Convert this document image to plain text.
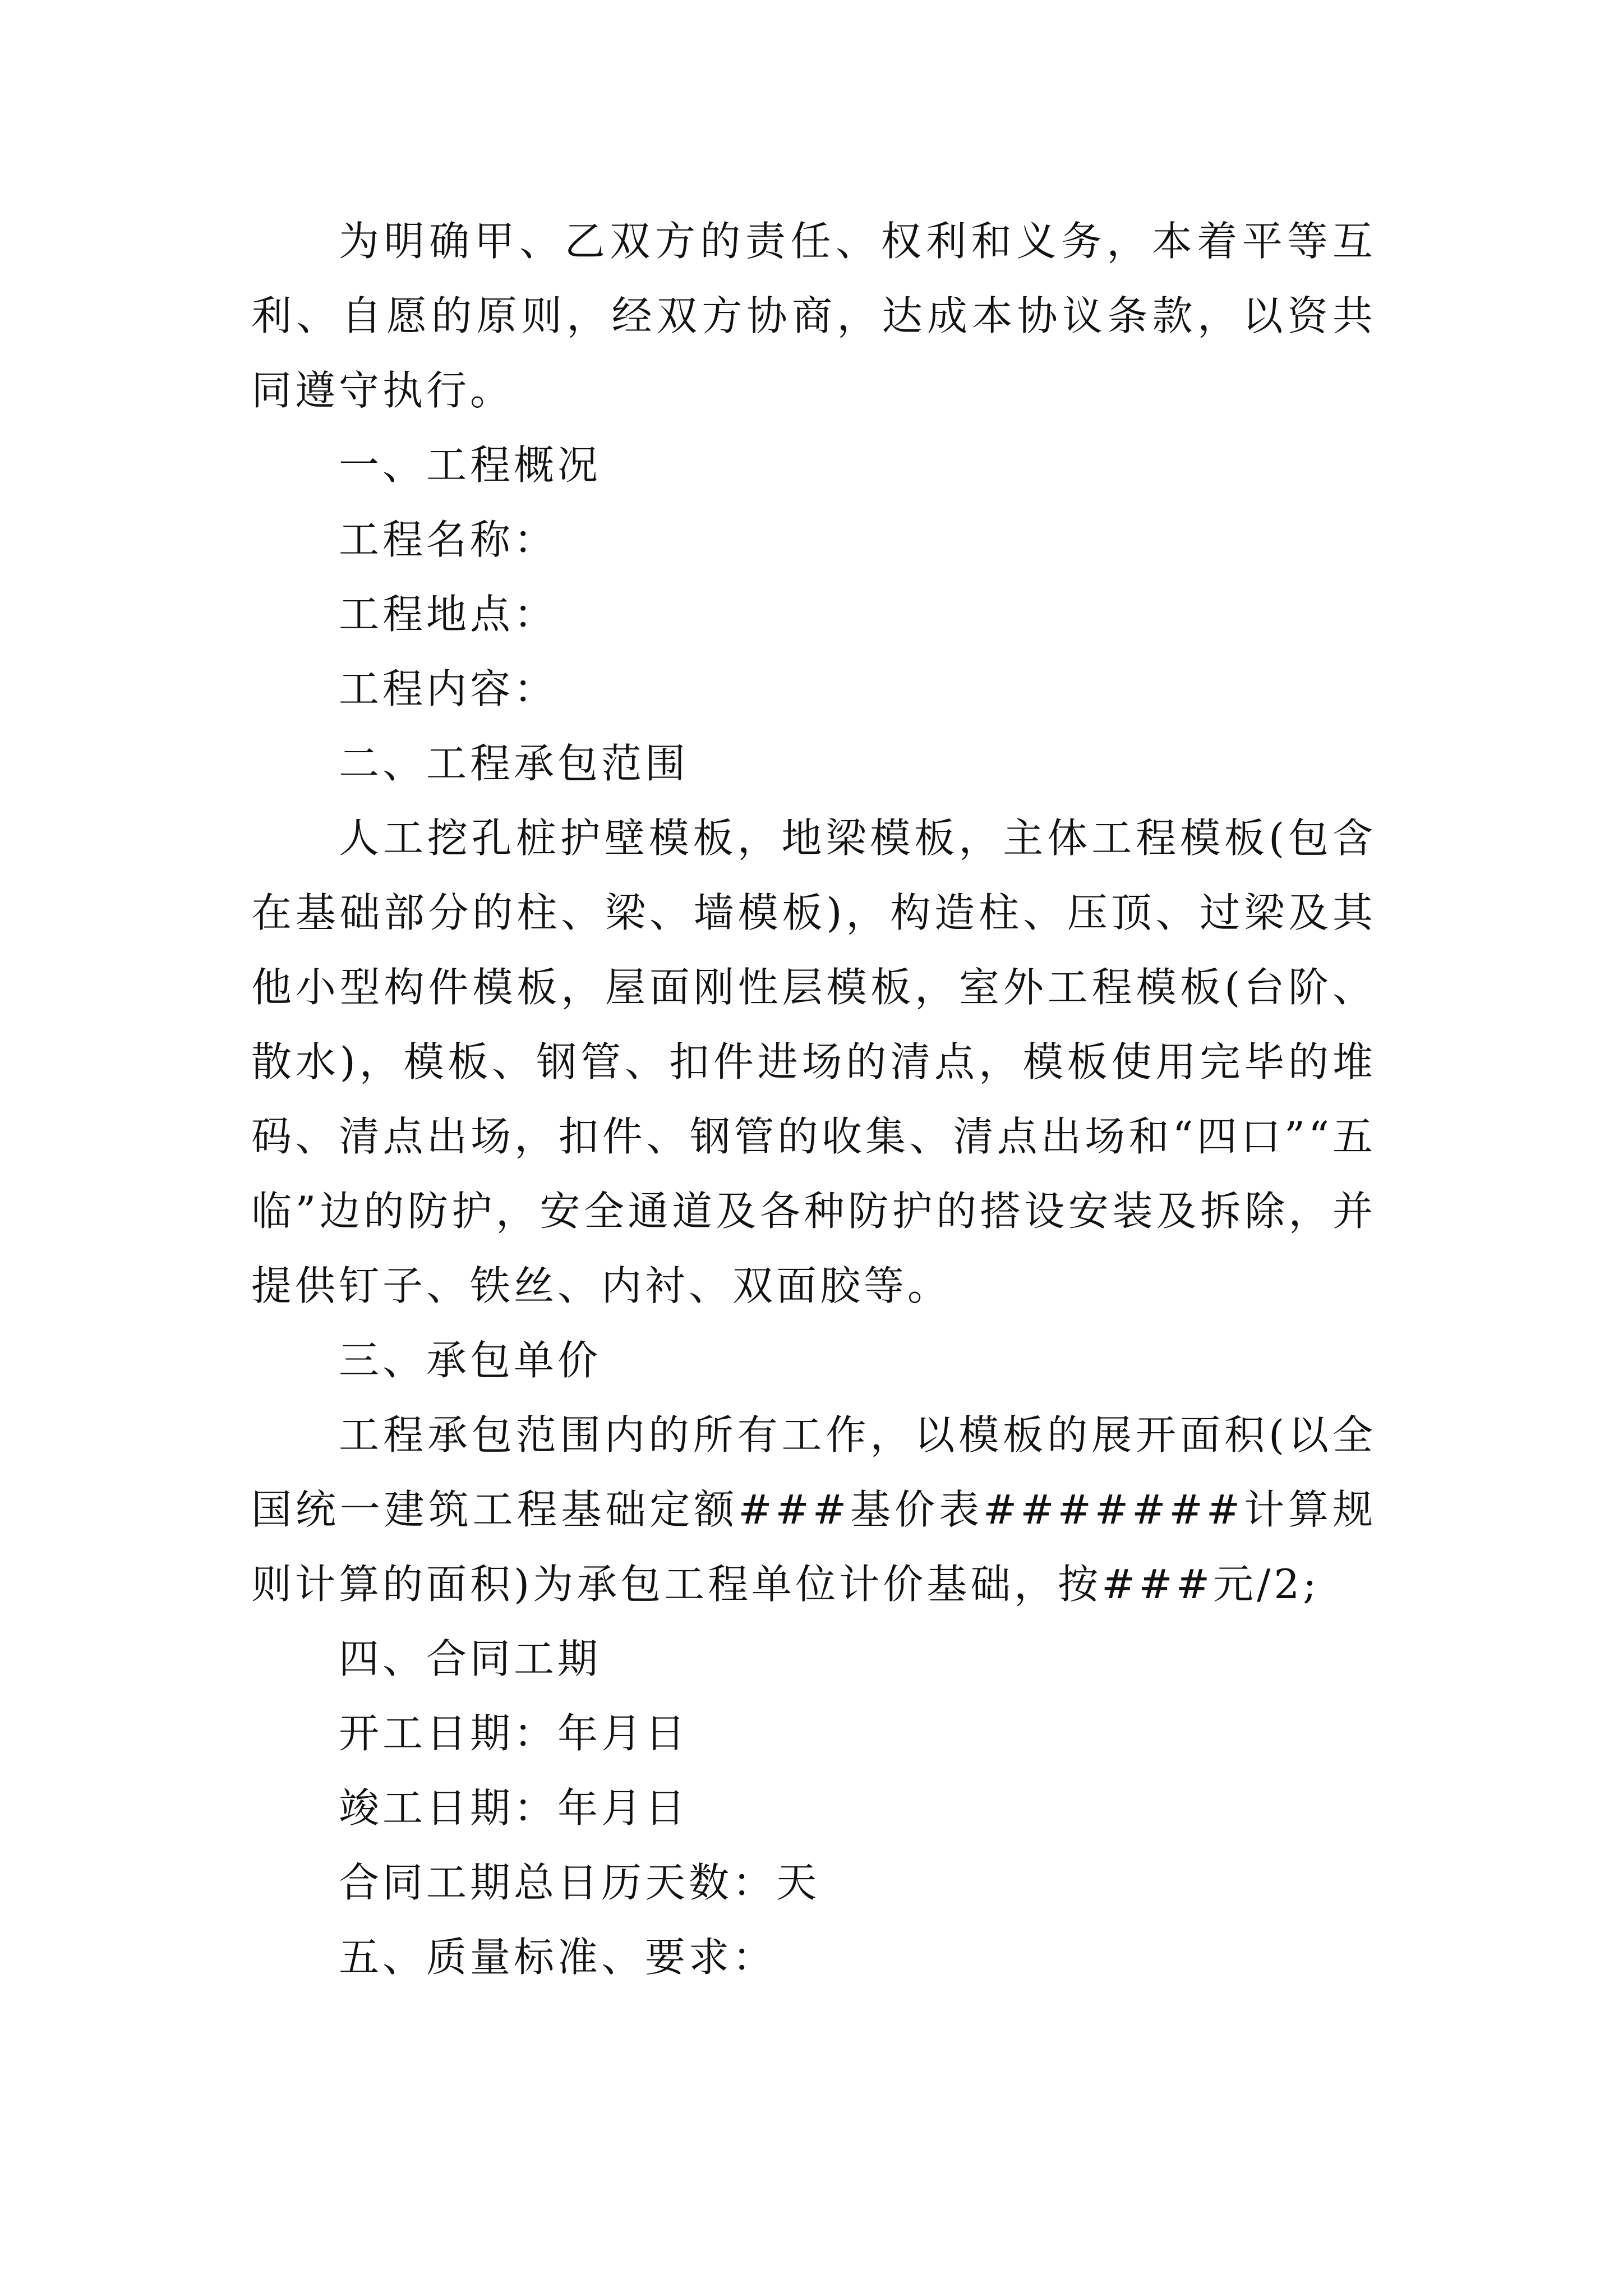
为明确甲、乙双方的责任、权利和义务，本着平等互利、自愿的原则，经双方协商，达成本协议条款，以资共同遵守执行。

一、工程概况

工程名称：

工程地点：

工程内容：

二、工程承包范围

人工挖孔桩护壁模板，地梁模板，主体工程模板(包含在基础部分的柱、梁、墙模板)，构造柱、压顶、过梁及其他小型构件模板，屋面刚性层模板，室外工程模板(台阶、散水)，模板、钢管、扣件进场的清点，模板使用完毕的堆码、清点出场，扣件、钢管的收集、清点出场和“四口”“五临”边的防护，安全通道及各种防护的搭设安装及拆除，并提供钉子、铁丝、内衬、双面胶等。

三、承包单价

工程承包范围内的所有工作，以模板的展开面积(以全国统一建筑工程基础定额###基价表#######计算规则计算的面积)为承包工程单位计价基础，按###元/2;

四、合同工期

开工日期：年月日

竣工日期：年月日

合同工期总日历天数：天

五、质量标准、要求：
